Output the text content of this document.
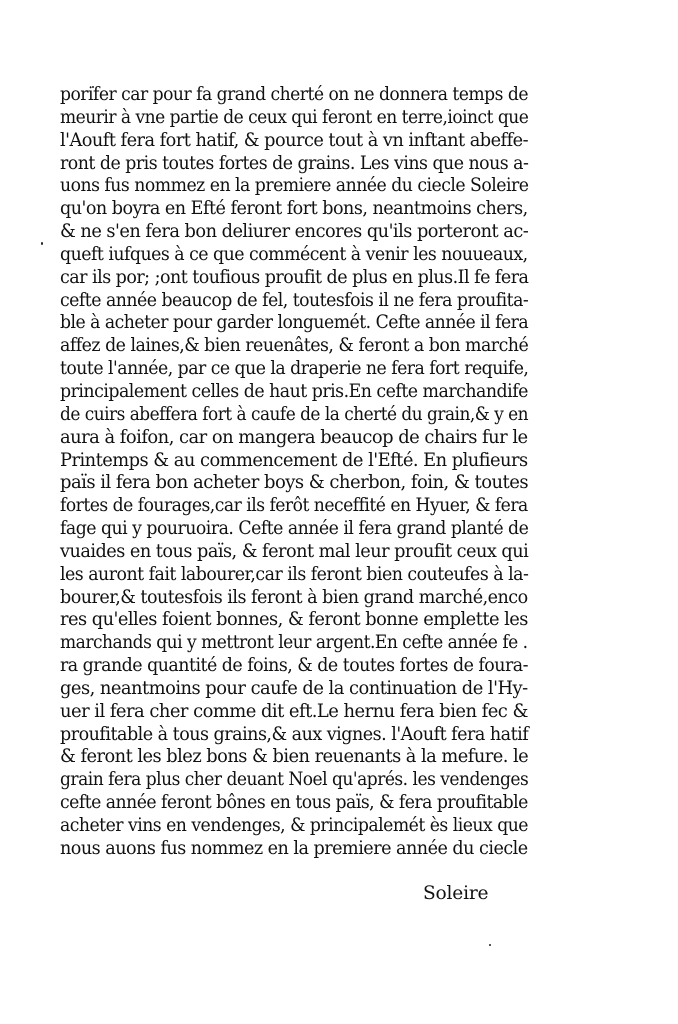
porifer car pour fa grand cherté on ne donnera temps de
meurir à vne partie de ceux qui feront en terre,ioinct que
l'Aouft fera fort hatif, & pource tout à vn inftant abeffe-
ront de pris toutes fortes de grains. Les vins que nous a-
uons fus nommez en la premiere année du ciecle Soleire
qu'on boyra en Efté feront fort bons, neantmoins chers,
& ne s'en fera bon deliurer encores qu'ils porteront ac-
queft iufques à ce que commécent à venir les nouueaux,
car ils por; ;ont toufious proufit de plus en plus.Il fe fera
cefte année beaucop de fel, toutesfois il ne fera proufita-
ble à acheter pour garder longuemét. Cefte année il fera
affez de laines,& bien reuenâtes, & feront a bon marché
toute l'année, par ce que la draperie ne fera fort requife,
principalement celles de haut pris.En cefte marchandife
de cuirs abeffera fort à caufe de la cherté du grain,& y en
aura à foifon, car on mangera beaucop de chairs fur le
Printemps & au commencement de l'Efté. En plufieurs
païs il fera bon acheter boys & cherbon, foin, & toutes
fortes de fourages,car ils ferôt neceffité en Hyuer, & fera
fage qui y pouruoira. Cefte année il fera grand planté de
vuaides en tous païs, & feront mal leur proufit ceux qui
les auront fait labourer,car ils feront bien couteufes à la-
bourer,& toutesfois ils feront à bien grand marché,enco
res qu'elles foient bonnes, & feront bonne emplette les
marchands qui y mettront leur argent.En cefte année fe .
ra grande quantité de foins, & de toutes fortes de foura-
ges, neantmoins pour caufe de la continuation de l'Hy-
uer il fera cher comme dit eft.Le hernu fera bien fec &
proufitable à tous grains,& aux vignes. l'Aouft fera hatif
& feront les blez bons & bien reuenants à la mefure. le
grain fera plus cher deuant Noel qu'aprés. les vendenges
cefte année feront bônes en tous païs, & fera proufitable
acheter vins en vendenges, & principalemét ès lieux que
nous auons fus nommez en la premiere année du ciecle
Soleire
